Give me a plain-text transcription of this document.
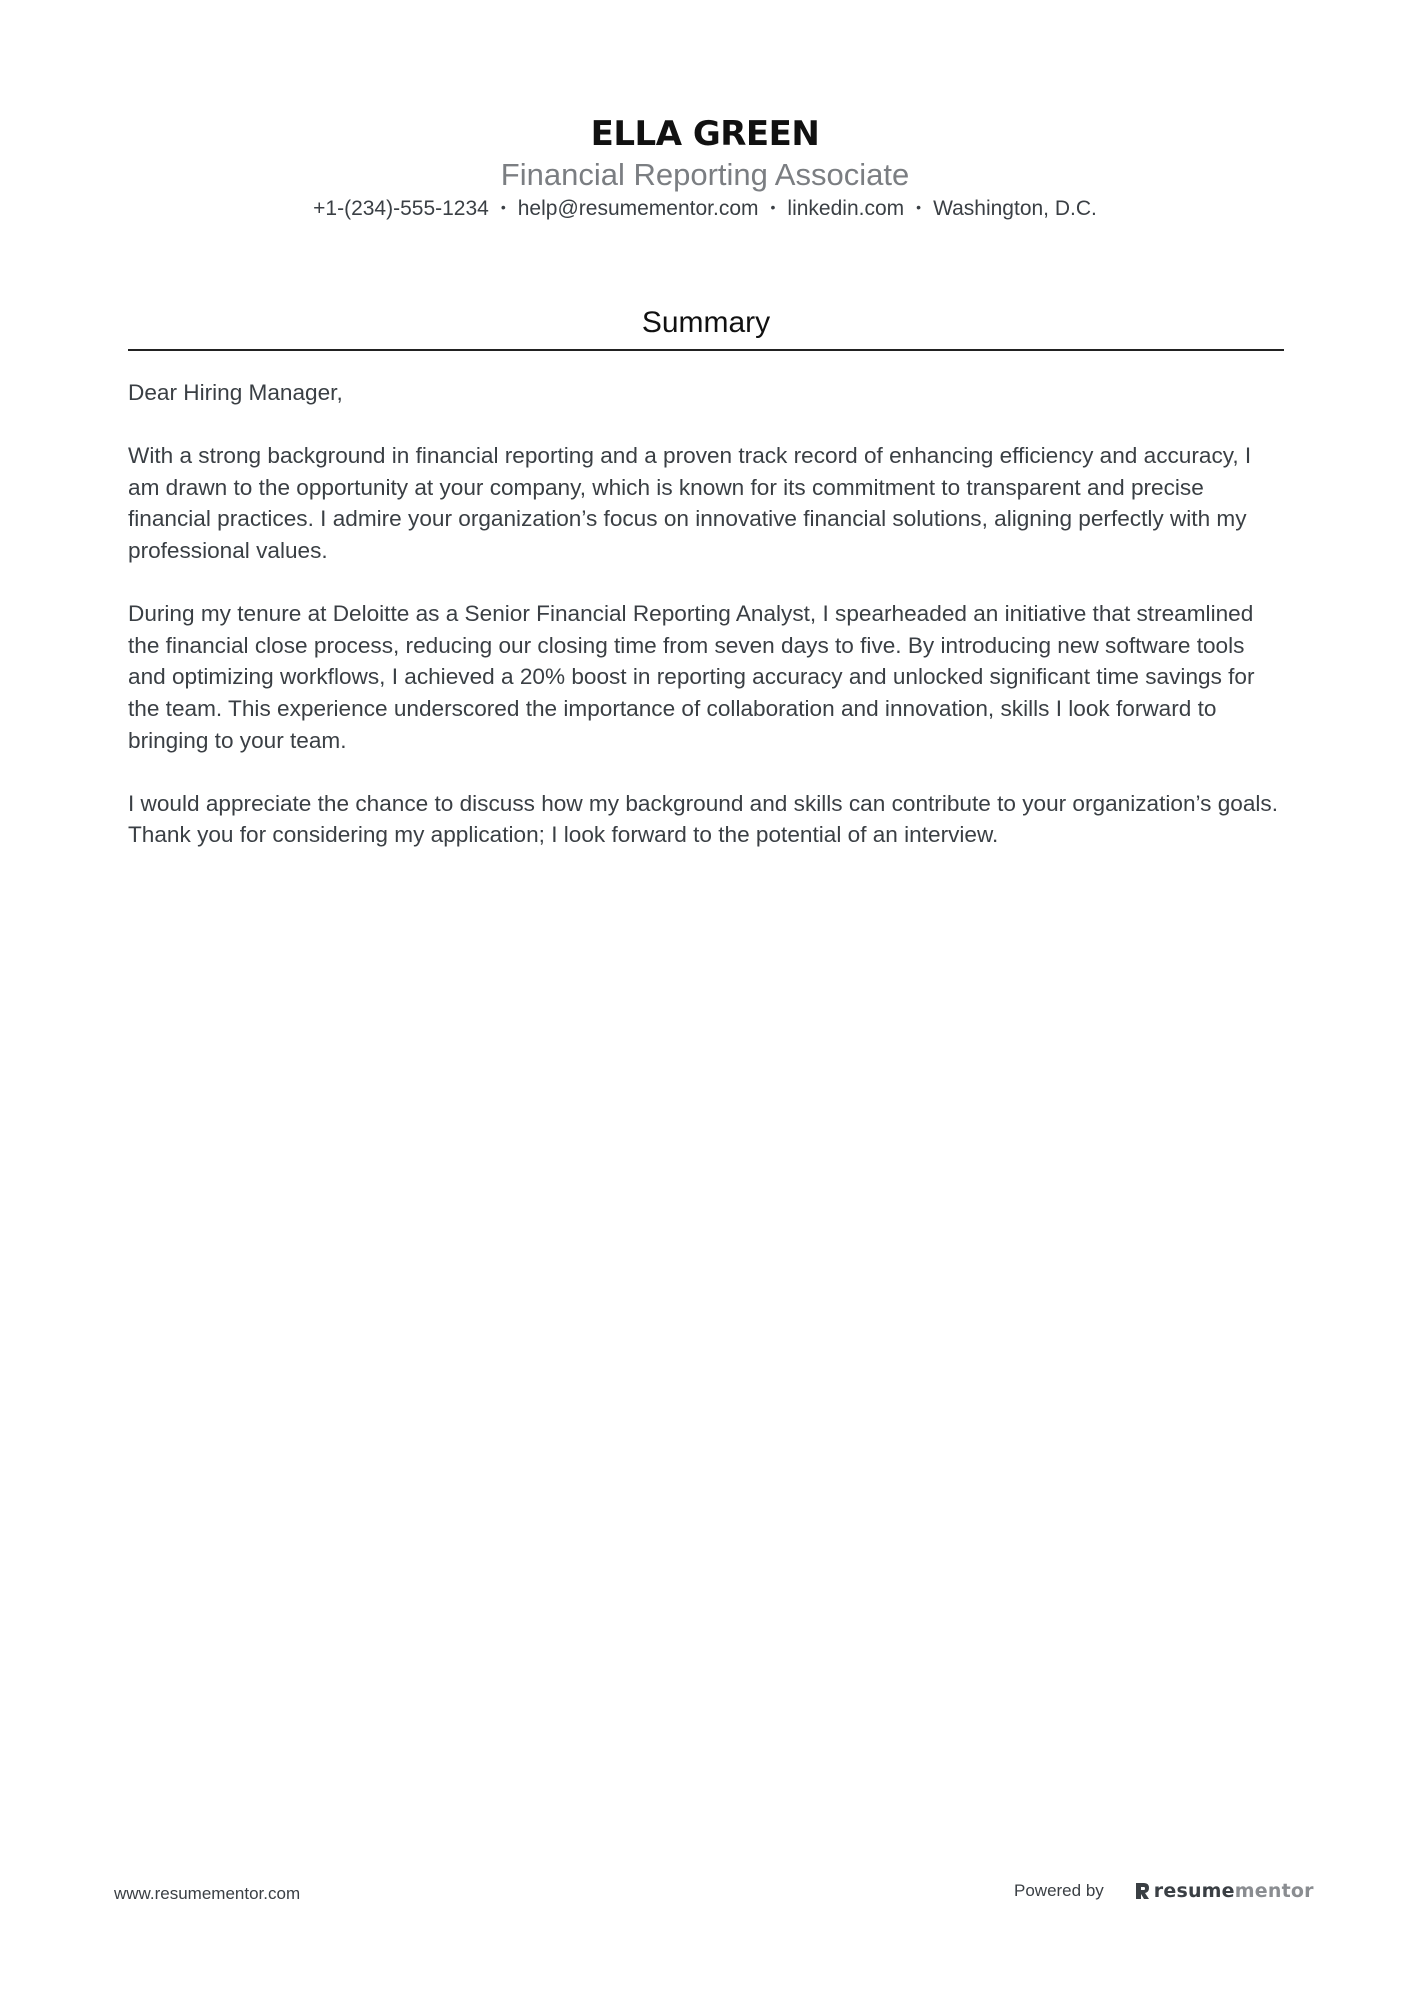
ELLA GREEN
Financial Reporting Associate
+1-(234)-555-1234 • help@resumementor.com • linkedin.com • Washington, D.C.
Summary

Dear Hiring Manager,

With a strong background in financial reporting and a proven track record of enhancing efficiency and accuracy, I am drawn to the opportunity at your company, which is known for its commitment to transparent and precise financial practices. I admire your organization’s focus on innovative financial solutions, aligning perfectly with my professional values.

During my tenure at Deloitte as a Senior Financial Reporting Analyst, I spearheaded an initiative that streamlined the financial close process, reducing our closing time from seven days to five. By introducing new software tools and optimizing workflows, I achieved a 20% boost in reporting accuracy and unlocked significant time savings for the team. This experience underscored the importance of collaboration and innovation, skills I look forward to bringing to your team.

I would appreciate the chance to discuss how my background and skills can contribute to your organization’s goals. Thank you for considering my application; I look forward to the potential of an interview.

www.resumementor.com	Powered by	resumementor
